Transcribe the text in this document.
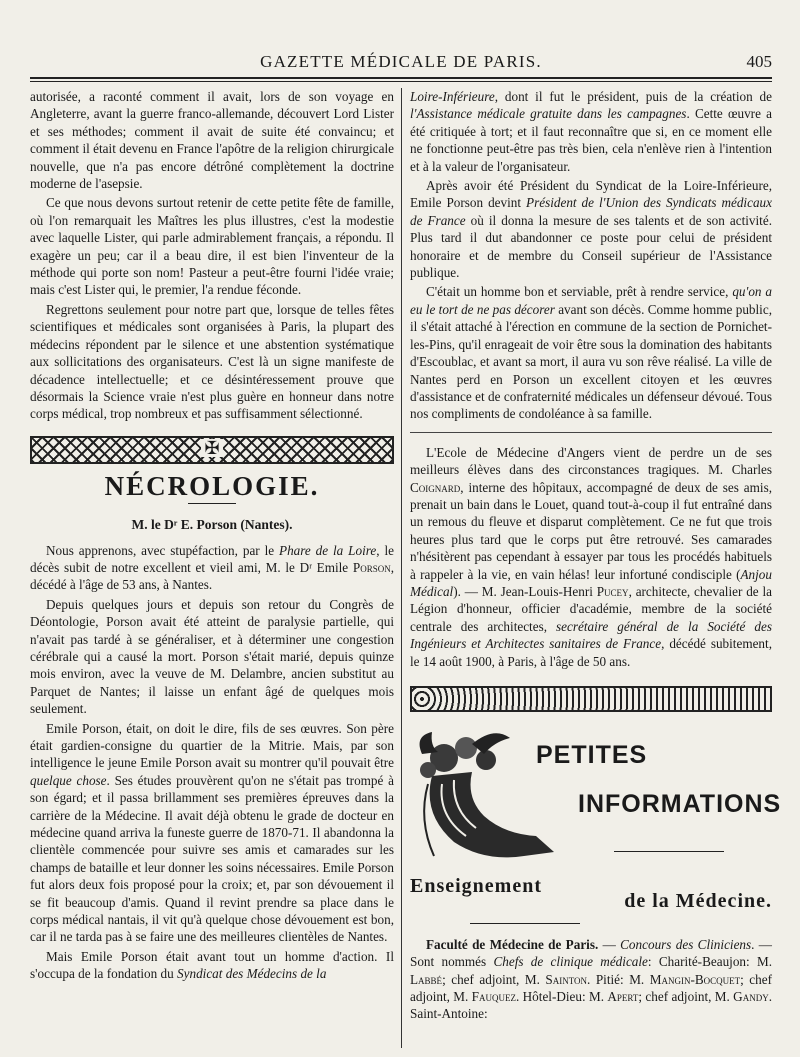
GAZETTE MÉDICALE DE PARIS.	405

autorisée, a raconté comment il avait, lors de son voyage en Angleterre, avant la guerre franco-allemande, découvert Lord Lister et ses méthodes; comment il avait de suite été convaincu; et comment il était devenu en France l'apôtre de la religion chirurgicale nouvelle, que n'a pas encore détrôné complètement la doctrine moderne de l'asepsie.

Ce que nous devons surtout retenir de cette petite fête de famille, où l'on remarquait les Maîtres les plus illustres, c'est la modestie avec laquelle Lister, qui parle admirablement français, a répondu. Il exagère un peu; car il a beau dire, il est bien l'inventeur de la méthode qui porte son nom! Pasteur a peut-être fourni l'idée vraie; mais c'est Lister qui, le premier, l'a rendue féconde.

Regrettons seulement pour notre part que, lorsque de telles fêtes scientifiques et médicales sont organisées à Paris, la plupart des médecins répondent par le silence et une abstention systématique aux sollicitations des organisateurs. C'est là un signe manifeste de décadence intellectuelle; et ce désintéressement prouve que désormais la Science vraie n'est plus guère en honneur dans notre corps médical, trop nombreux et pas suffisamment sélectionné.

✠
NÉCROLOGIE.
M. le Dʳ E. Porson (Nantes).

Nous apprenons, avec stupéfaction, par le Phare de la Loire, le décès subit de notre excellent et vieil ami, M. le Dʳ Emile Porson, décédé à l'âge de 53 ans, à Nantes.

Depuis quelques jours et depuis son retour du Congrès de Déontologie, Porson avait été atteint de paralysie partielle, qui n'avait pas tardé à se généraliser, et à déterminer une congestion cérébrale qui a causé la mort. Porson s'était marié, depuis quinze mois environ, avec la veuve de M. Delambre, ancien substitut au Parquet de Nantes; il laisse un enfant âgé de quelques mois seulement.

Emile Porson, était, on doit le dire, fils de ses œuvres. Son père était gardien-consigne du quartier de la Mitrie. Mais, par son intelligence le jeune Emile Porson avait su montrer qu'il pouvait être quelque chose. Ses études prouvèrent qu'on ne s'était pas trompé à son égard; et il passa brillamment ses premières épreuves dans la carrière de la Médecine. Il avait déjà obtenu le grade de docteur en médecine quand arriva la funeste guerre de 1870-71. Il abandonna la clientèle commencée pour suivre ses amis et camarades sur les champs de bataille et leur donner les soins nécessaires. Emile Porson fut alors deux fois proposé pour la croix; et, par son dévouement il se fit beaucoup d'amis. Quand il revint prendre sa place dans le corps médical nantais, il vit qu'à quelque chose dévouement est bon, car il ne tarda pas à se faire une des meilleures clientèles de Nantes.

Mais Emile Porson était avant tout un homme d'action. Il s'occupa de la fondation du Syndicat des Médecins de la

Loire-Inférieure, dont il fut le président, puis de la création de l'Assistance médicale gratuite dans les campagnes. Cette œuvre a été critiquée à tort; et il faut reconnaître que si, en ce moment elle ne fonctionne peut-être pas très bien, cela n'enlève rien à l'intention et à la valeur de l'organisateur.

Après avoir été Président du Syndicat de la Loire-Inférieure, Emile Porson devint Président de l'Union des Syndicats médicaux de France où il donna la mesure de ses talents et de son activité. Plus tard il dut abandonner ce poste pour celui de président honoraire et de membre du Conseil supérieur de l'Assistance publique.

C'était un homme bon et serviable, prêt à rendre service, qu'on a eu le tort de ne pas décorer avant son décès. Comme homme public, il s'était attaché à l'érection en commune de la section de Pornichet-les-Pins, qu'il enrageait de voir être sous la domination des habitants d'Escoublac, et avant sa mort, il aura vu son rêve réalisé. La ville de Nantes perd en Porson un excellent citoyen et les œuvres d'assistance et de confraternité médicales un défenseur dévoué. Tous nos compliments de condoléance à sa famille.

L'Ecole de Médecine d'Angers vient de perdre un de ses meilleurs élèves dans des circonstances tragiques. M. Charles Coignard, interne des hôpitaux, accompagné de deux de ses amis, prenait un bain dans le Louet, quand tout-à-coup il fut entraîné dans un remous du fleuve et disparut complètement. Ce ne fut que trois heures plus tard que le corps put être retrouvé. Ses camarades n'hésitèrent pas cependant à essayer par tous les procédés habituels à rappeler à la vie, en vain hélas! leur infortuné condisciple (Anjou Médical). — M. Jean-Louis-Henri Pucey, architecte, chevalier de la Légion d'honneur, officier d'académie, membre de la société centrale des architectes, secrétaire général de la Société des Ingénieurs et Architectes sanitaires de France, décédé subitement, le 14 août 1900, à Paris, à l'âge de 50 ans.

PETITES
INFORMATIONS
Enseignement
de la Médecine.

Faculté de Médecine de Paris. — Concours des Cliniciens. — Sont nommés Chefs de clinique médicale: Charité-Beaujon: M. Labbé; chef adjoint, M. Sainton. Pitié: M. Mangin-Bocquet; chef adjoint, M. Fauquez. Hôtel-Dieu: M. Apert; chef adjoint, M. Gandy. Saint-Antoine:
